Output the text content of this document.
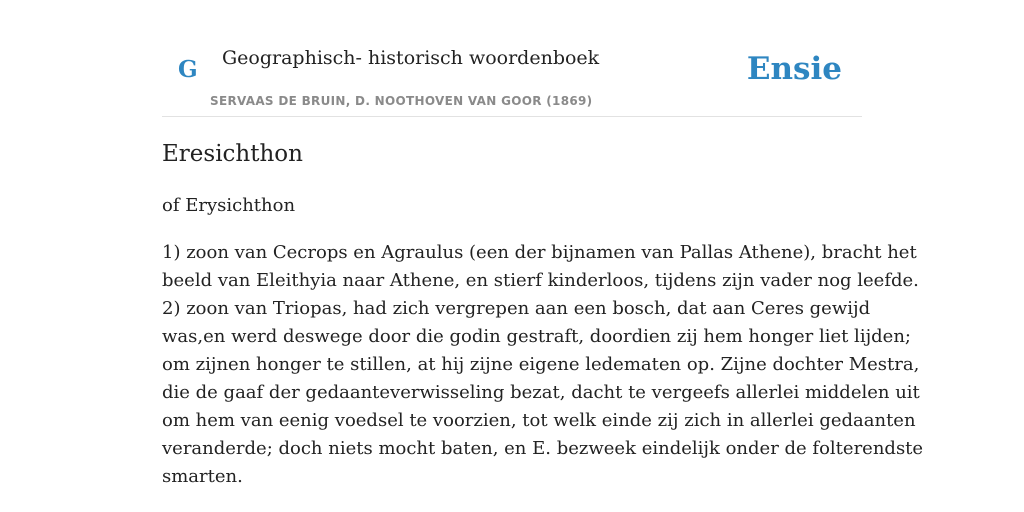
G Geographisch- historisch woordenboek
SERVAAS DE BRUIN, D. NOOTHOVEN VAN GOOR (1869)
Ensie
Eresichthon
of Erysichthon
1) zoon van Cecrops en Agraulus (een der bijnamen van Pallas Athene), bracht het
beeld van Eleithyia naar Athene, en stierf kinderloos, tijdens zijn vader nog leefde.
2) zoon van Triopas, had zich vergrepen aan een bosch, dat aan Ceres gewijd
was,en werd deswege door die godin gestraft, doordien zij hem honger liet lijden;
om zijnen honger te stillen, at hij zijne eigene ledematen op. Zijne dochter Mestra,
die de gaaf der gedaanteverwisseling bezat, dacht te vergeefs allerlei middelen uit
om hem van eenig voedsel te voorzien, tot welk einde zij zich in allerlei gedaanten
veranderde; doch niets mocht baten, en E. bezweek eindelijk onder de folterendste
smarten.
